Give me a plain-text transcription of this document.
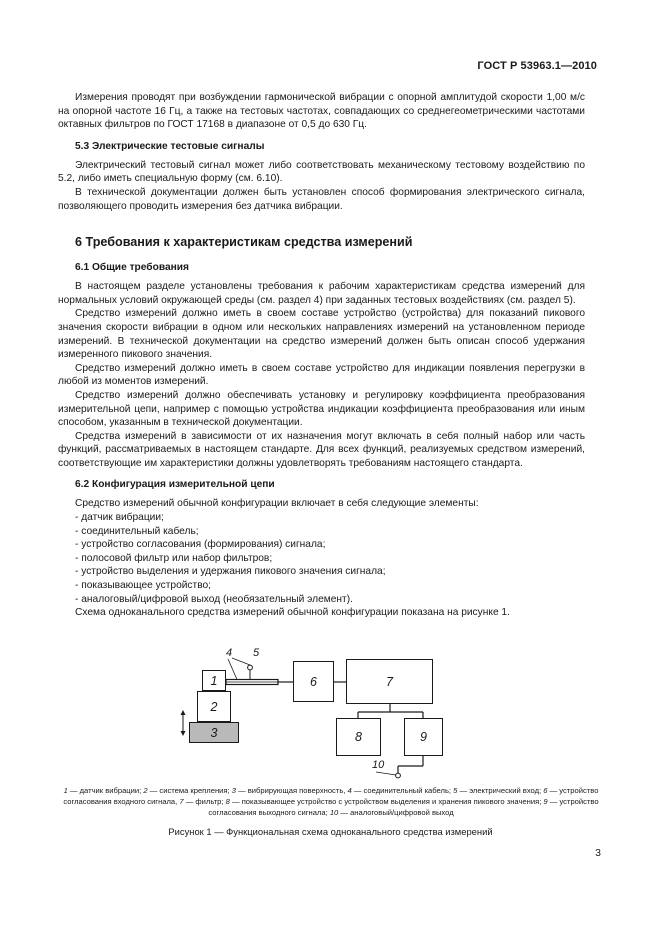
ГОСТ Р 53963.1—2010

Измерения проводят при возбуждении гармонической вибрации с опорной амплитудой скорости 1,00 м/с на опорной частоте 16 Гц, а также на тестовых частотах, совпадающих со среднегеометрическими частотами октавных фильтров по ГОСТ 17168 в диапазоне от 0,5 до 630 Гц.

5.3 Электрические тестовые сигналы

Электрический тестовый сигнал может либо соответствовать механическому тестовому воздействию по 5.2, либо иметь специальную форму (см. 6.10).

В технической документации должен быть установлен способ формирования электрического сигнала, позволяющего проводить измерения без датчика вибрации.

6 Требования к характеристикам средства измерений
6.1 Общие требования

В настоящем разделе установлены требования к рабочим характеристикам средства измерений для нормальных условий окружающей среды (см. раздел 4) при заданных тестовых воздействиях (см. раздел 5).

Средство измерений должно иметь в своем составе устройство (устройства) для показаний пикового значения скорости вибрации в одном или нескольких направлениях измерений на установленном периоде измерений. В технической документации на средство измерений должен быть описан способ удержания измеренного пикового значения.

Средство измерений должно иметь в своем составе устройство для индикации появления перегрузки в любой из моментов измерений.

Средство измерений должно обеспечивать установку и регулировку коэффициента преобразования измерительной цепи, например с помощью устройства индикации коэффициента преобразования или иным способом, указанным в технической документации.

Средства измерений в зависимости от их назначения могут включать в себя полный набор или часть функций, рассматриваемых в настоящем стандарте. Для всех функций, реализуемых средством измерений, соответствующие им характеристики должны удовлетворять требованиям настоящего стандарта.

6.2 Конфигурация измерительной цепи

Средство измерений обычной конфигурации включает в себя следующие элементы:

- датчик вибрации;
- соединительный кабель;
- устройство согласования (формирования) сигнала;
- полосовой фильтр или набор фильтров;
- устройство выделения и удержания пикового значения сигнала;
- показывающее устройство;
- аналоговый/цифровой выход (необязательный элемент).

Схема одноканального средства измерений обычной конфигурации показана на рисунке 1.

1
2
3
6	7
8	9
4 5
10
1 — датчик вибрации; 2 — система крепления; 3 — вибрирующая поверхность, 4 — соединительный кабель; 5 — электрический вход; 6 — устройство согласования входного сигнала, 7 — фильтр; 8 — показывающее устройство с устройством выделения и хранения пикового значения; 9 — устройство согласования выходного сигнала; 10 — аналоговый/цифровой выход
Рисунок 1 — Функциональная схема одноканального средства измерений
3
